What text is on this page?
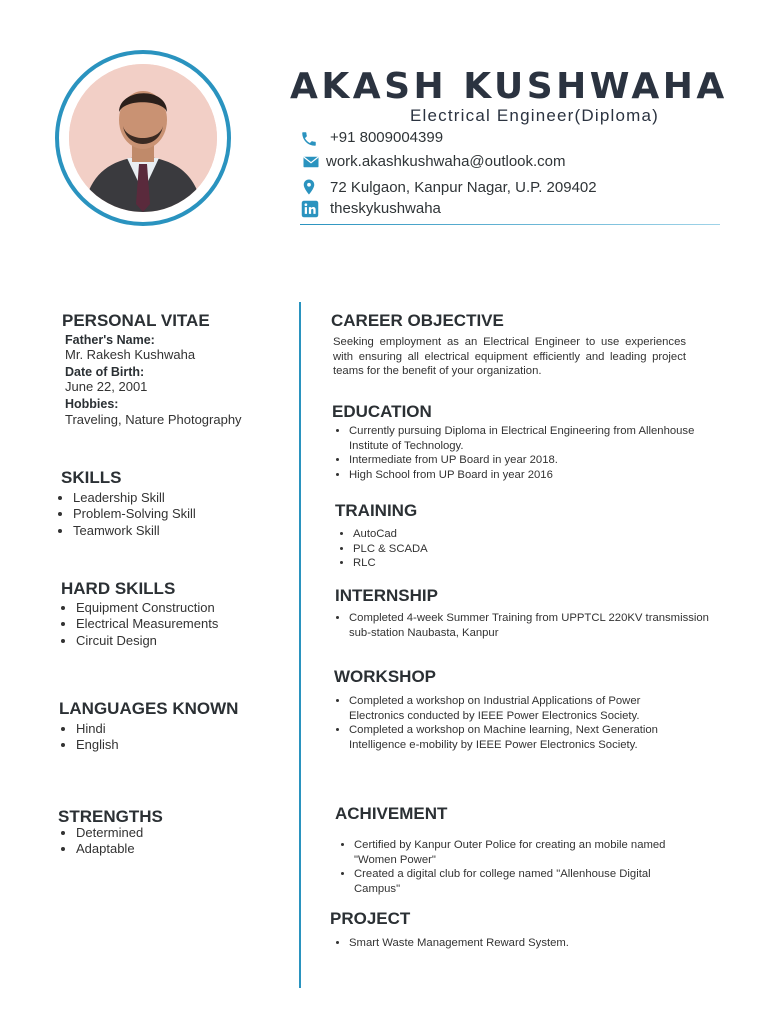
AKASH KUSHWAHA
Electrical Engineer(Diploma)
+91 8009004399
work.akashkushwaha@outlook.com
72 Kulgaon, Kanpur Nagar, U.P. 209402
theskykushwaha
PERSONAL VITAE
Father's Name:
Mr. Rakesh Kushwaha
Date of Birth:
June 22, 2001
Hobbies:
Traveling, Nature Photography
SKILLS
• Leadership Skill
• Problem-Solving Skill
• Teamwork Skill
HARD SKILLS
• Equipment Construction
• Electrical Measurements
• Circuit Design
LANGUAGES KNOWN
• Hindi
• English
STRENGTHS
• Determined
• Adaptable
CAREER OBJECTIVE
Seeking employment as an Electrical Engineer to use experiences with ensuring all electrical equipment efficiently and leading project teams for the benefit of your organization.
EDUCATION
• Currently pursuing Diploma in Electrical Engineering from Allenhouse Institute of Technology.
• Intermediate from UP Board in year 2018.
• High School from UP Board in year 2016
TRAINING
• AutoCad
• PLC & SCADA
• RLC
INTERNSHIP
• Completed 4-week Summer Training from UPPTCL 220KV transmission sub-station Naubasta, Kanpur
WORKSHOP
• Completed a workshop on Industrial Applications of Power Electronics conducted by IEEE Power Electronics Society.
• Completed a workshop on Machine learning, Next Generation Intelligence e-mobility by IEEE Power Electronics Society.
ACHIVEMENT
• Certified by Kanpur Outer Police for creating an mobile named "Women Power"
• Created a digital club for college named "Allenhouse Digital Campus"
PROJECT
• Smart Waste Management Reward System.
